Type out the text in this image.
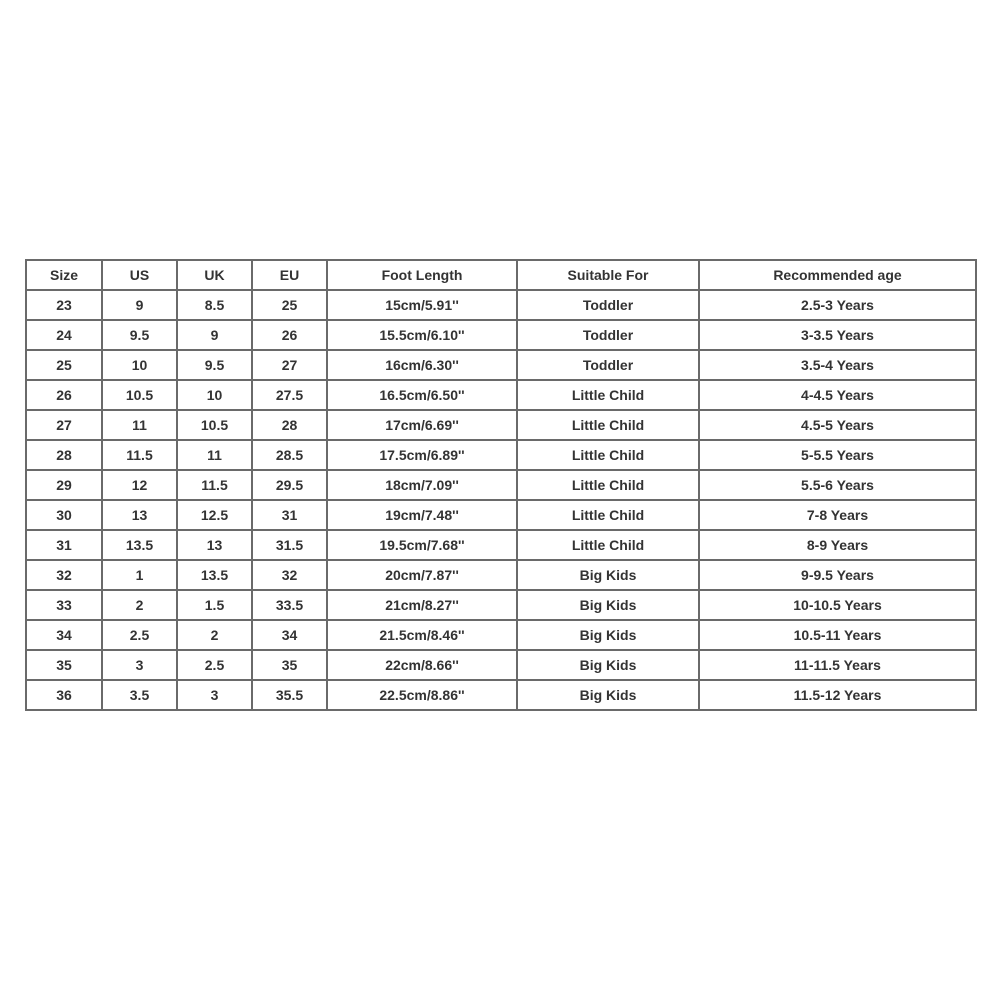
Size	US	UK	EU	Foot Length	Suitable For	Recommended age
23	9	8.5	25	15cm/5.91''	Toddler	2.5-3 Years
24	9.5	9	26	15.5cm/6.10''	Toddler	3-3.5 Years
25	10	9.5	27	16cm/6.30''	Toddler	3.5-4 Years
26	10.5	10	27.5	16.5cm/6.50''	Little Child	4-4.5 Years
27	11	10.5	28	17cm/6.69''	Little Child	4.5-5 Years
28	11.5	11	28.5	17.5cm/6.89''	Little Child	5-5.5 Years
29	12	11.5	29.5	18cm/7.09''	Little Child	5.5-6 Years
30	13	12.5	31	19cm/7.48''	Little Child	7-8 Years
31	13.5	13	31.5	19.5cm/7.68''	Little Child	8-9 Years
32	1	13.5	32	20cm/7.87''	Big Kids	9-9.5 Years
33	2	1.5	33.5	21cm/8.27''	Big Kids	10-10.5 Years
34	2.5	2	34	21.5cm/8.46''	Big Kids	10.5-11 Years
35	3	2.5	35	22cm/8.66''	Big Kids	11-11.5 Years
36	3.5	3	35.5	22.5cm/8.86''	Big Kids	11.5-12 Years
